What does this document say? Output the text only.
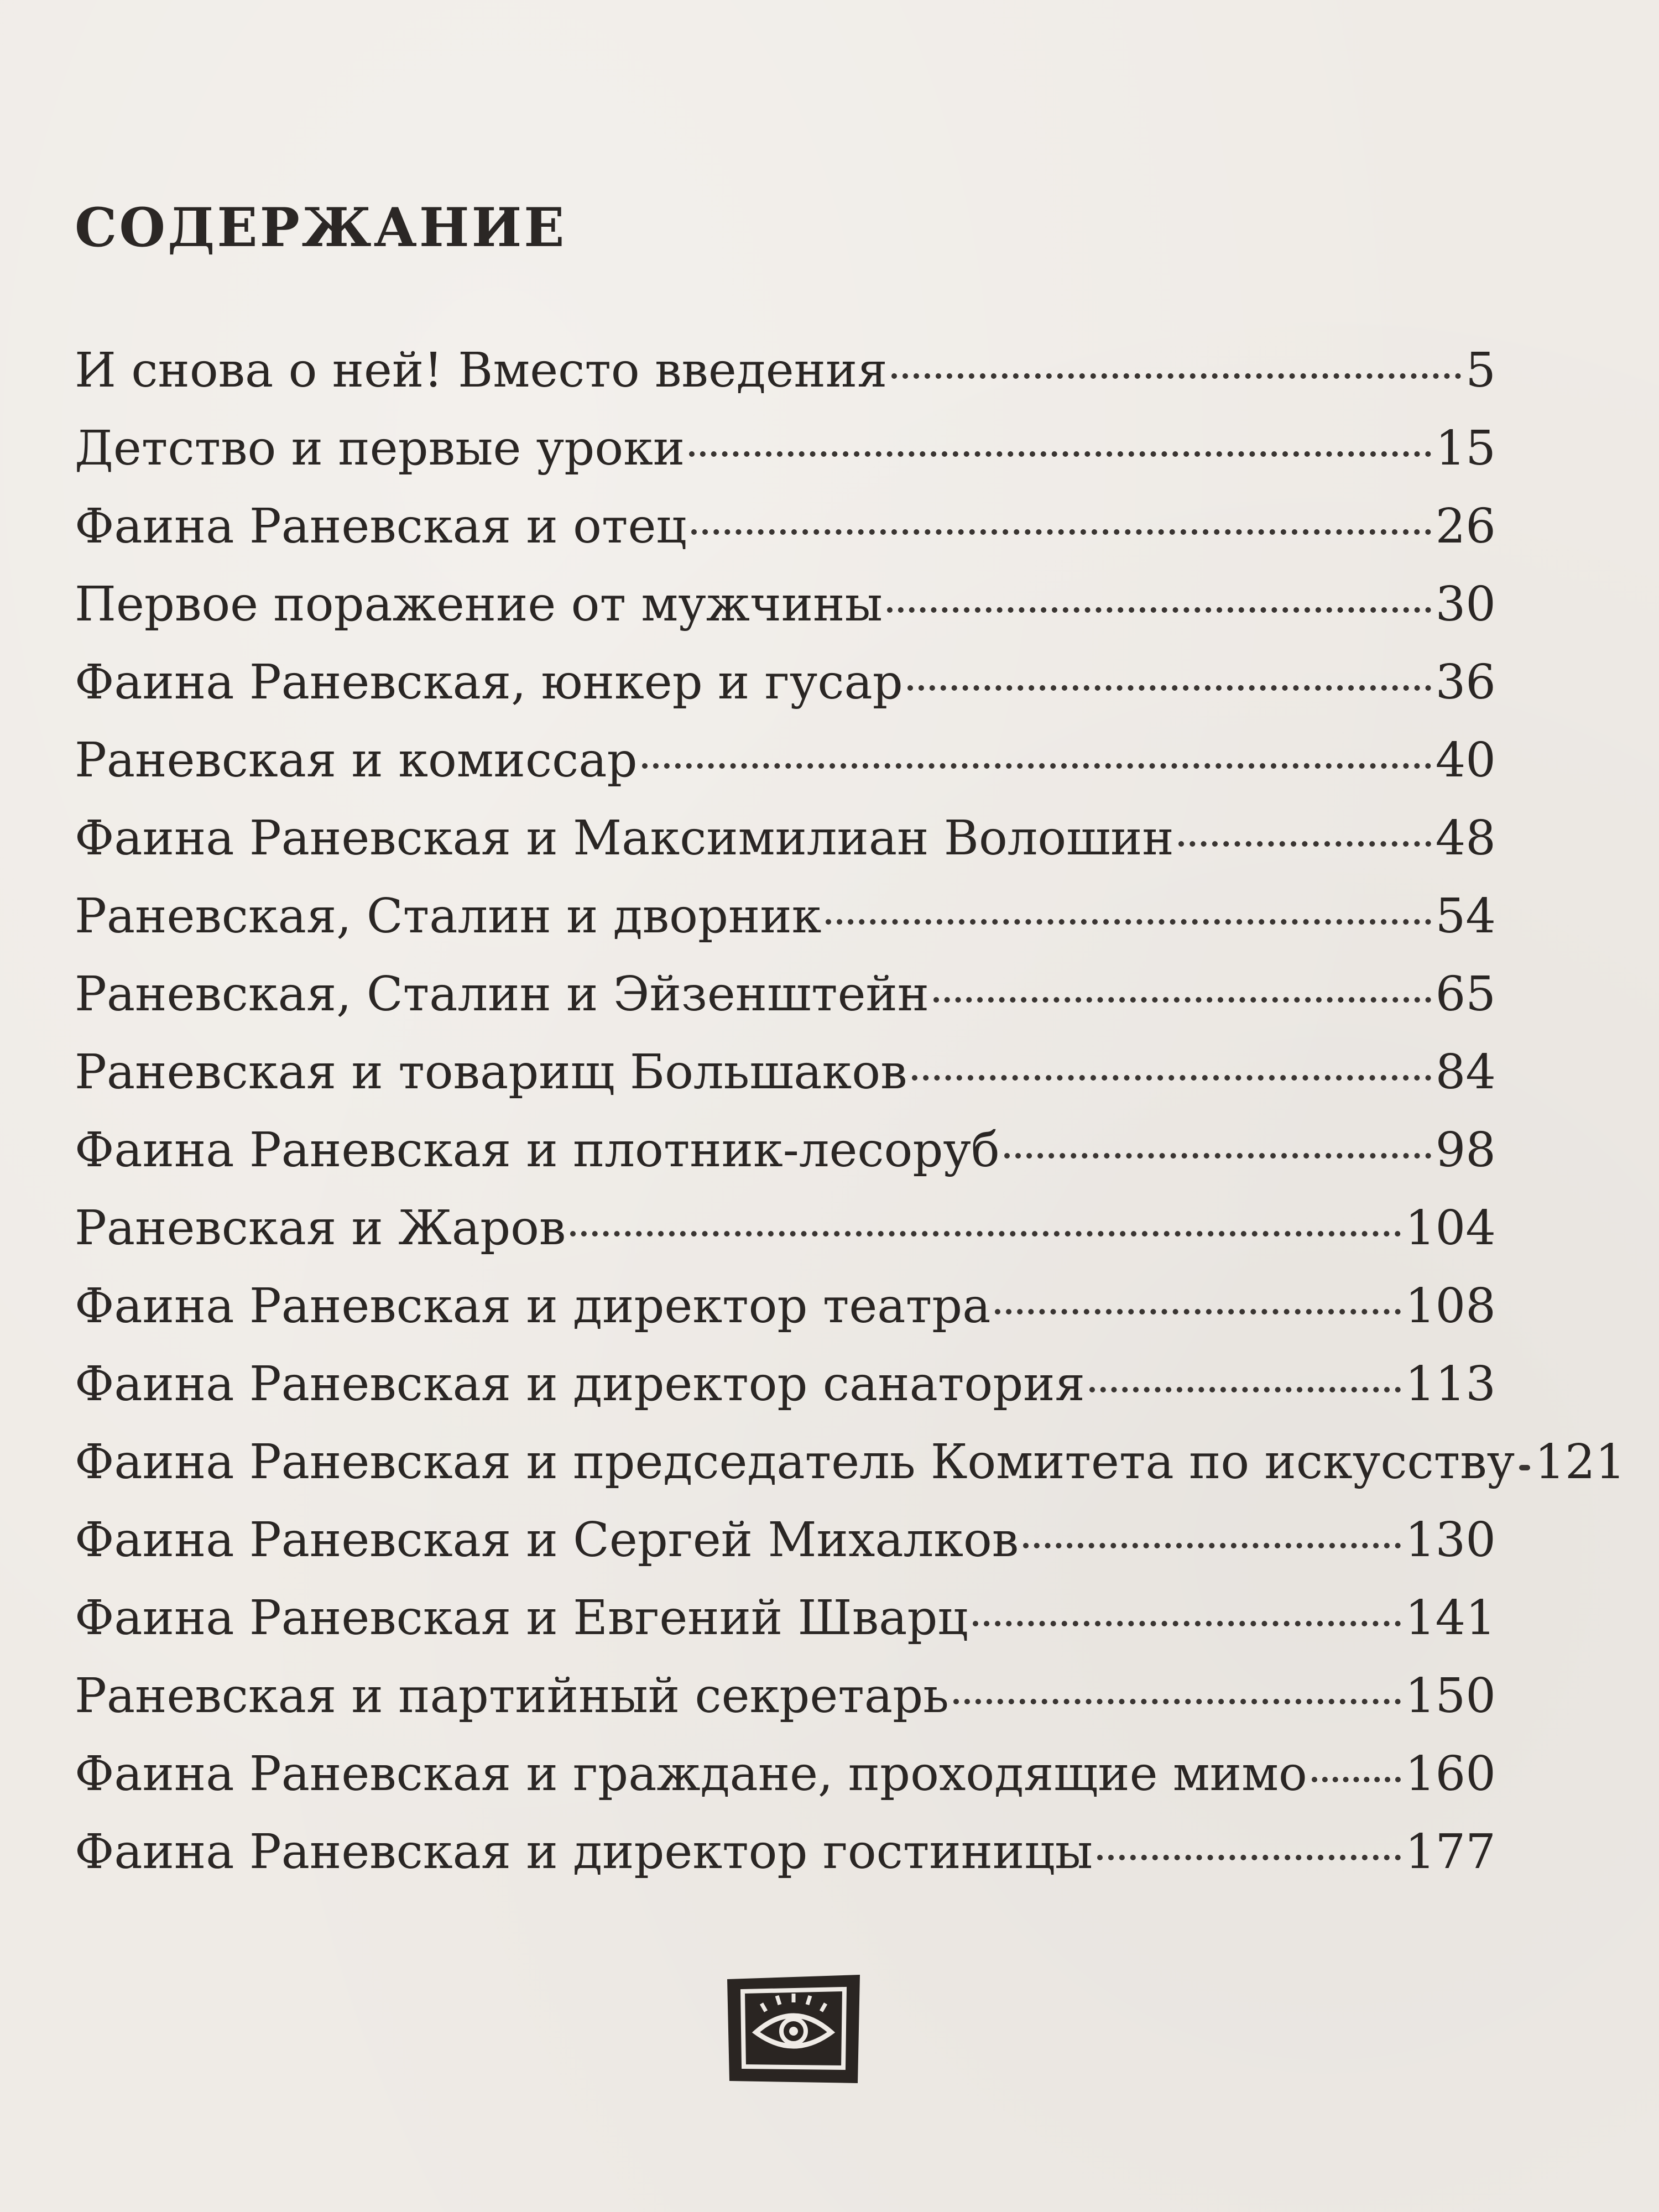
СОДЕРЖАНИЕ
И снова о ней! Вместо введения	5
Детство и первые уроки	15
Фаина Раневская и отец	26
Первое поражение от мужчины	30
Фаина Раневская, юнкер и гусар	36
Раневская и комиссар	40
Фаина Раневская и Максимилиан Волошин	48
Раневская, Сталин и дворник	54
Раневская, Сталин и Эйзенштейн	65
Раневская и товарищ Большаков	84
Фаина Раневская и плотник-лесоруб	98
Раневская и Жаров	104
Фаина Раневская и директор театра	108
Фаина Раневская и директор санатория	113
Фаина Раневская и председатель Комитета по искусству 121
Фаина Раневская и Сергей Михалков	130
Фаина Раневская и Евгений Шварц	141
Раневская и партийный секретарь	150
Фаина Раневская и граждане, проходящие мимо 160
Фаина Раневская и директор гостиницы	177
